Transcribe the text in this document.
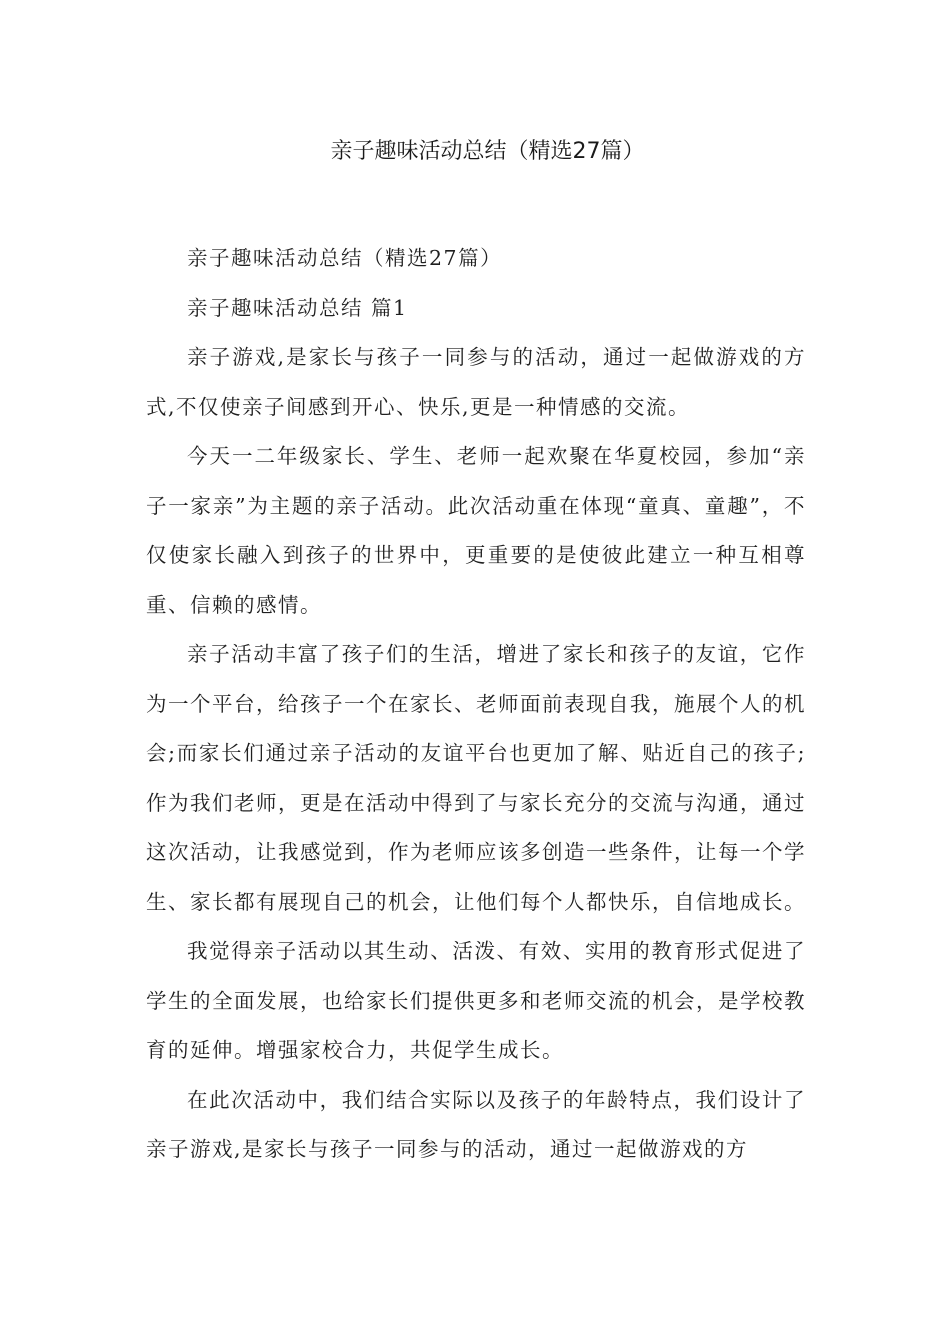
亲子趣味活动总结（精选27篇）

亲子趣味活动总结（精选27篇）

亲子趣味活动总结 篇1

亲子游戏,是家长与孩子一同参与的活动，通过一起做游戏的方式,不仅使亲子间感到开心、快乐,更是一种情感的交流。

今天一二年级家长、学生、老师一起欢聚在华夏校园，参加“亲子一家亲”为主题的亲子活动。此次活动重在体现“童真、童趣”，不仅使家长融入到孩子的世界中，更重要的是使彼此建立一种互相尊重、信赖的感情。

亲子活动丰富了孩子们的生活，增进了家长和孩子的友谊，它作为一个平台，给孩子一个在家长、老师面前表现自我，施展个人的机会;而家长们通过亲子活动的友谊平台也更加了解、贴近自己的孩子;作为我们老师，更是在活动中得到了与家长充分的交流与沟通，通过这次活动，让我感觉到，作为老师应该多创造一些条件，让每一个学生、家长都有展现自己的机会，让他们每个人都快乐，自信地成长。

我觉得亲子活动以其生动、活泼、有效、实用的教育形式促进了学生的全面发展，也给家长们提供更多和老师交流的机会，是学校教育的延伸。增强家校合力，共促学生成长。

在此次活动中，我们结合实际以及孩子的年龄特点，我们设计了亲子游戏,是家长与孩子一同参与的活动，通过一起做游戏的方
